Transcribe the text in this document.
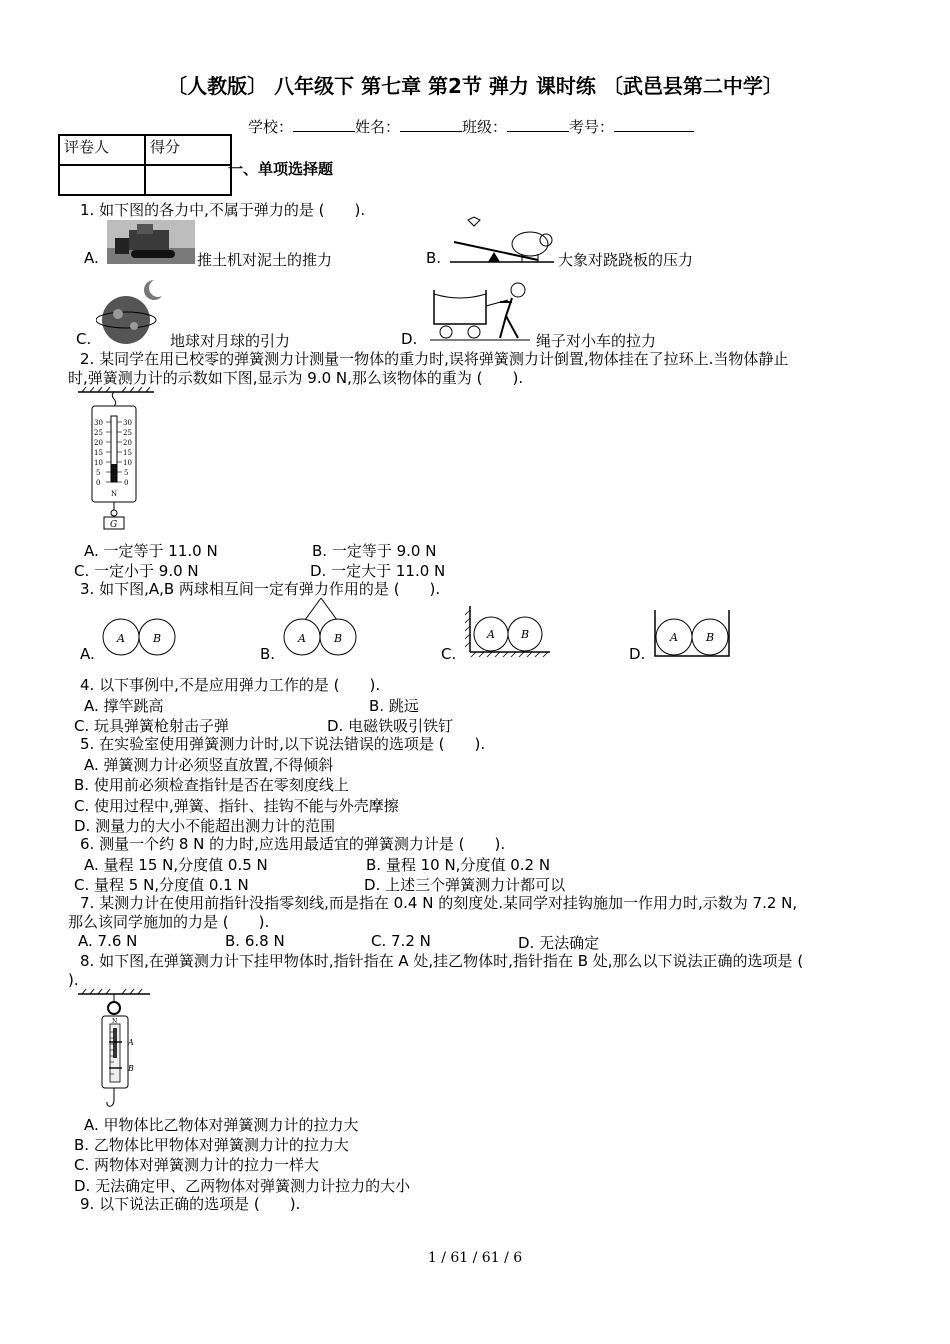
〔人教版〕 八年级下 第七章 第2节 弹力 课时练 〔武邑县第二中学〕
学校：	姓名：	班级：	考号：
评卷人	得分

一、单项选择题
1. 如下图的各力中,不属于弹力的是 (　　).
A.	推土机对泥土的推力	B.	大象对跷跷板的压力
C.	地球对月球的引力	D.	绳子对小车的拉力
2. 某同学在用已校零的弹簧测力计测量一物体的重力时,误将弹簧测力计倒置,物体挂在了拉环上.当物体静止
时,弹簧测力计的示数如下图,显示为 9.0 N,那么该物体的重为 (　　).
30
25
20
15
10
5
0
30
25
20
15
10
5
0
N
G
A. 一定等于 11.0 N	B. 一定等于 9.0 N
C. 一定小于 9.0 N	D. 一定大于 11.0 N
3. 如下图,A,B 两球相互间一定有弹力作用的是 (　　).
A.
A	B
B.
A	B
C.
A B
D.
A	B
4. 以下事例中,不是应用弹力工作的是 (　　).
A. 撑竿跳高	B. 跳远
C. 玩具弹簧枪射击子弹	D. 电磁铁吸引铁钉
5. 在实验室使用弹簧测力计时,以下说法错误的选项是 (　　).
A. 弹簧测力计必须竖直放置,不得倾斜
B. 使用前必须检查指针是否在零刻度线上
C. 使用过程中,弹簧、指针、挂钩不能与外壳摩擦
D. 测量力的大小不能超出测力计的范围
6. 测量一个约 8 N 的力时,应选用最适宜的弹簧测力计是 (　　).
A. 量程 15 N,分度值 0.5 N	B. 量程 10 N,分度值 0.2 N
C. 量程 5 N,分度值 0.1 N	D. 上述三个弹簧测力计都可以
7. 某测力计在使用前指针没指零刻线,而是指在 0.4 N 的刻度处.某同学对挂钩施加一作用力时,示数为 7.2 N,
那么该同学施加的力是 (　　).
A. 7.6 N	B. 6.8 N	C. 7.2 N	D. 无法确定
8. 如下图,在弹簧测力计下挂甲物体时,指针指在 A 处,挂乙物体时,指针指在 B 处,那么以下说法正确的选项是 (
).
N
A
B
A. 甲物体比乙物体对弹簧测力计的拉力大
B. 乙物体比甲物体对弹簧测力计的拉力大
C. 两物体对弹簧测力计的拉力一样大
D. 无法确定甲、乙两物体对弹簧测力计拉力的大小
9. 以下说法正确的选项是 (　　).
1 / 61 / 61 / 6
